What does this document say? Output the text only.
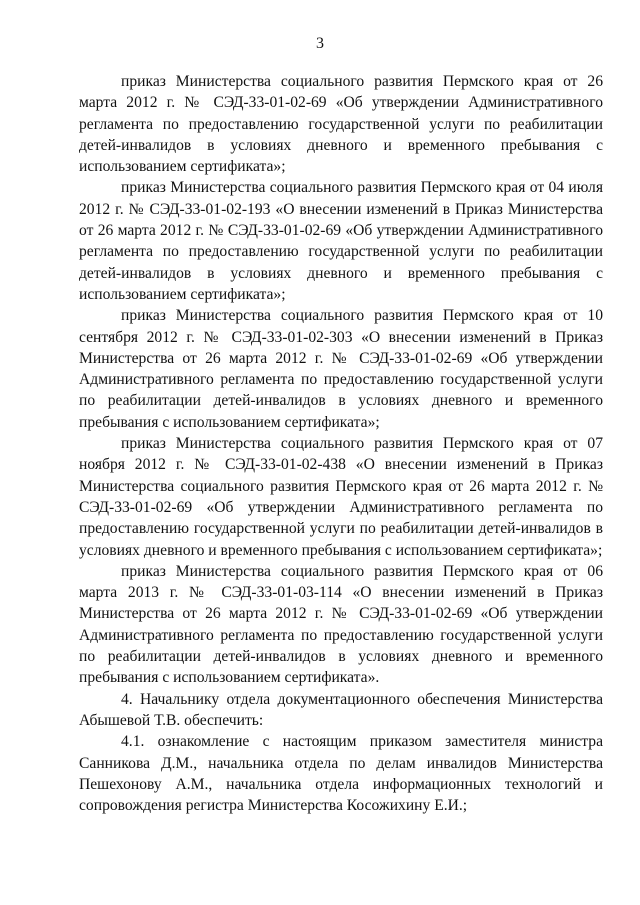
3

приказ Министерства социального развития Пермского края от 26 марта 2012 г. № СЭД-33-01-02-69 «Об утверждении Административного регламента по предоставлению государственной услуги по реабилитации детей-инвалидов в условиях дневного и временного пребывания с использованием сертификата»;

приказ Министерства социального развития Пермского края от 04 июля 2012 г. № СЭД-33-01-02-193 «О внесении изменений в Приказ Министерства от 26 марта 2012 г. № СЭД-33-01-02-69 «Об утверждении Административного регламента по предоставлению государственной услуги по реабилитации детей-инвалидов в условиях дневного и временного пребывания с использованием сертификата»;

приказ Министерства социального развития Пермского края от 10 сентября 2012 г. № СЭД-33-01-02-303 «О внесении изменений в Приказ Министерства от 26 марта 2012 г. № СЭД-33-01-02-69 «Об утверждении Административного регламента по предоставлению государственной услуги по реабилитации детей-инвалидов в условиях дневного и временного пребывания с использованием сертификата»;

приказ Министерства социального развития Пермского края от 07 ноября 2012 г. № СЭД-33-01-02-438 «О внесении изменений в Приказ Министерства социального развития Пермского края от 26 марта 2012 г. № СЭД-33-01-02-69 «Об утверждении Административного регламента по предоставлению государственной услуги по реабилитации детей-инвалидов в условиях дневного и временного пребывания с использованием сертификата»;

приказ Министерства социального развития Пермского края от 06 марта 2013 г. № СЭД-33-01-03-114 «О внесении изменений в Приказ Министерства от 26 марта 2012 г. № СЭД-33-01-02-69 «Об утверждении Административного регламента по предоставлению государственной услуги по реабилитации детей-инвалидов в условиях дневного и временного пребывания с использованием сертификата».

4. Начальнику отдела документационного обеспечения Министерства Абышевой Т.В. обеспечить:

4.1. ознакомление с настоящим приказом заместителя министра Санникова Д.М., начальника отдела по делам инвалидов Министерства Пешехонову А.М., начальника отдела информационных технологий и сопровождения регистра Министерства Косожихину Е.И.;
